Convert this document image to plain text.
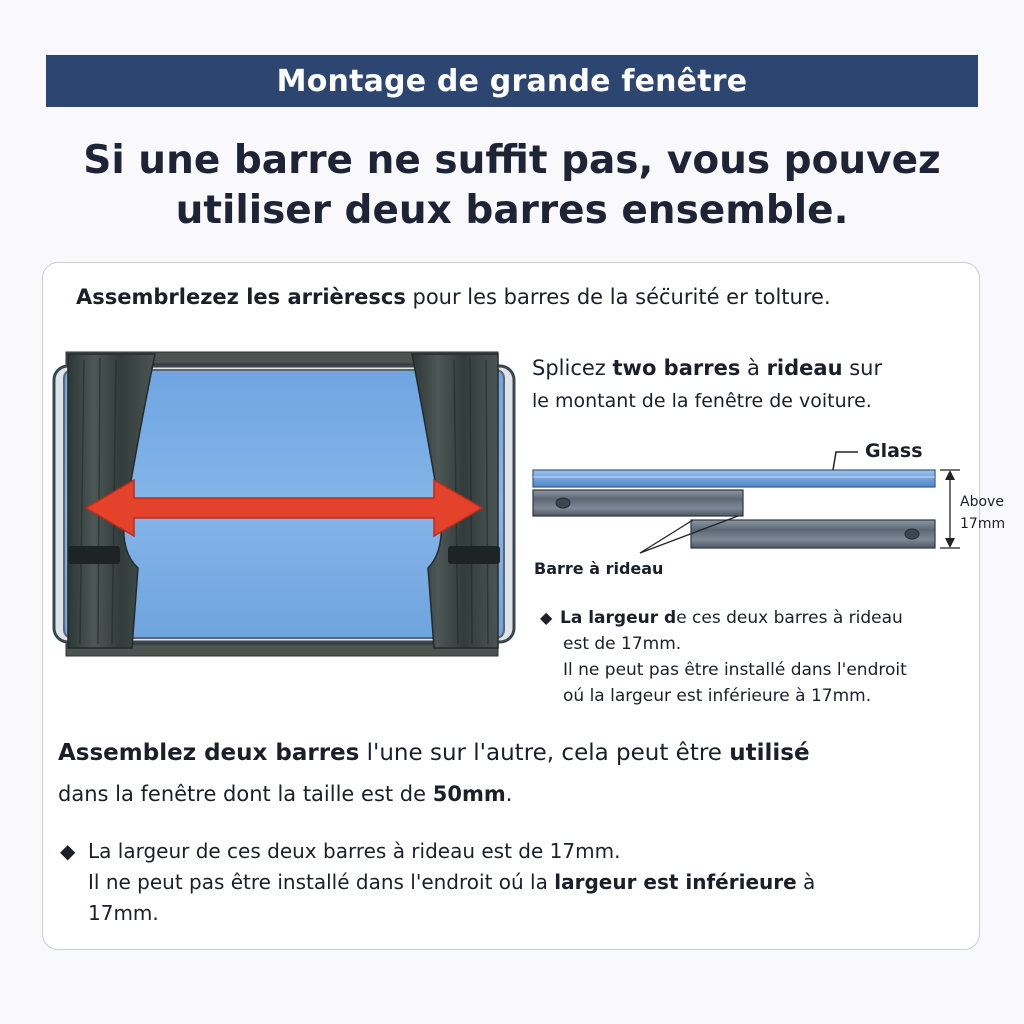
Montage de grande fenêtre
Si une barre ne suffit pas, vous pouvez
utiliser deux barres ensemble.
Assembrlezez les arrièrescs pour les barres de la séc̈urité er tolture.
Splicez two barres à rideau sur
le montant de la fenêtre de voiture.
Glass
Above
17mm
Barre à rideau
◆ La largeur de ces deux barres à rideau
est de 17mm.
Il ne peut pas être installé dans l'endroit
oú la largeur est inférieure à 17mm.
Assemblez deux barres l'une sur l'autre, cela peut être utilisé
dans la fenêtre dont la taille est de 50mm.
◆ La largeur de ces deux barres à rideau est de 17mm.
Il ne peut pas être installé dans l'endroit oú la largeur est inférieure à
17mm.
